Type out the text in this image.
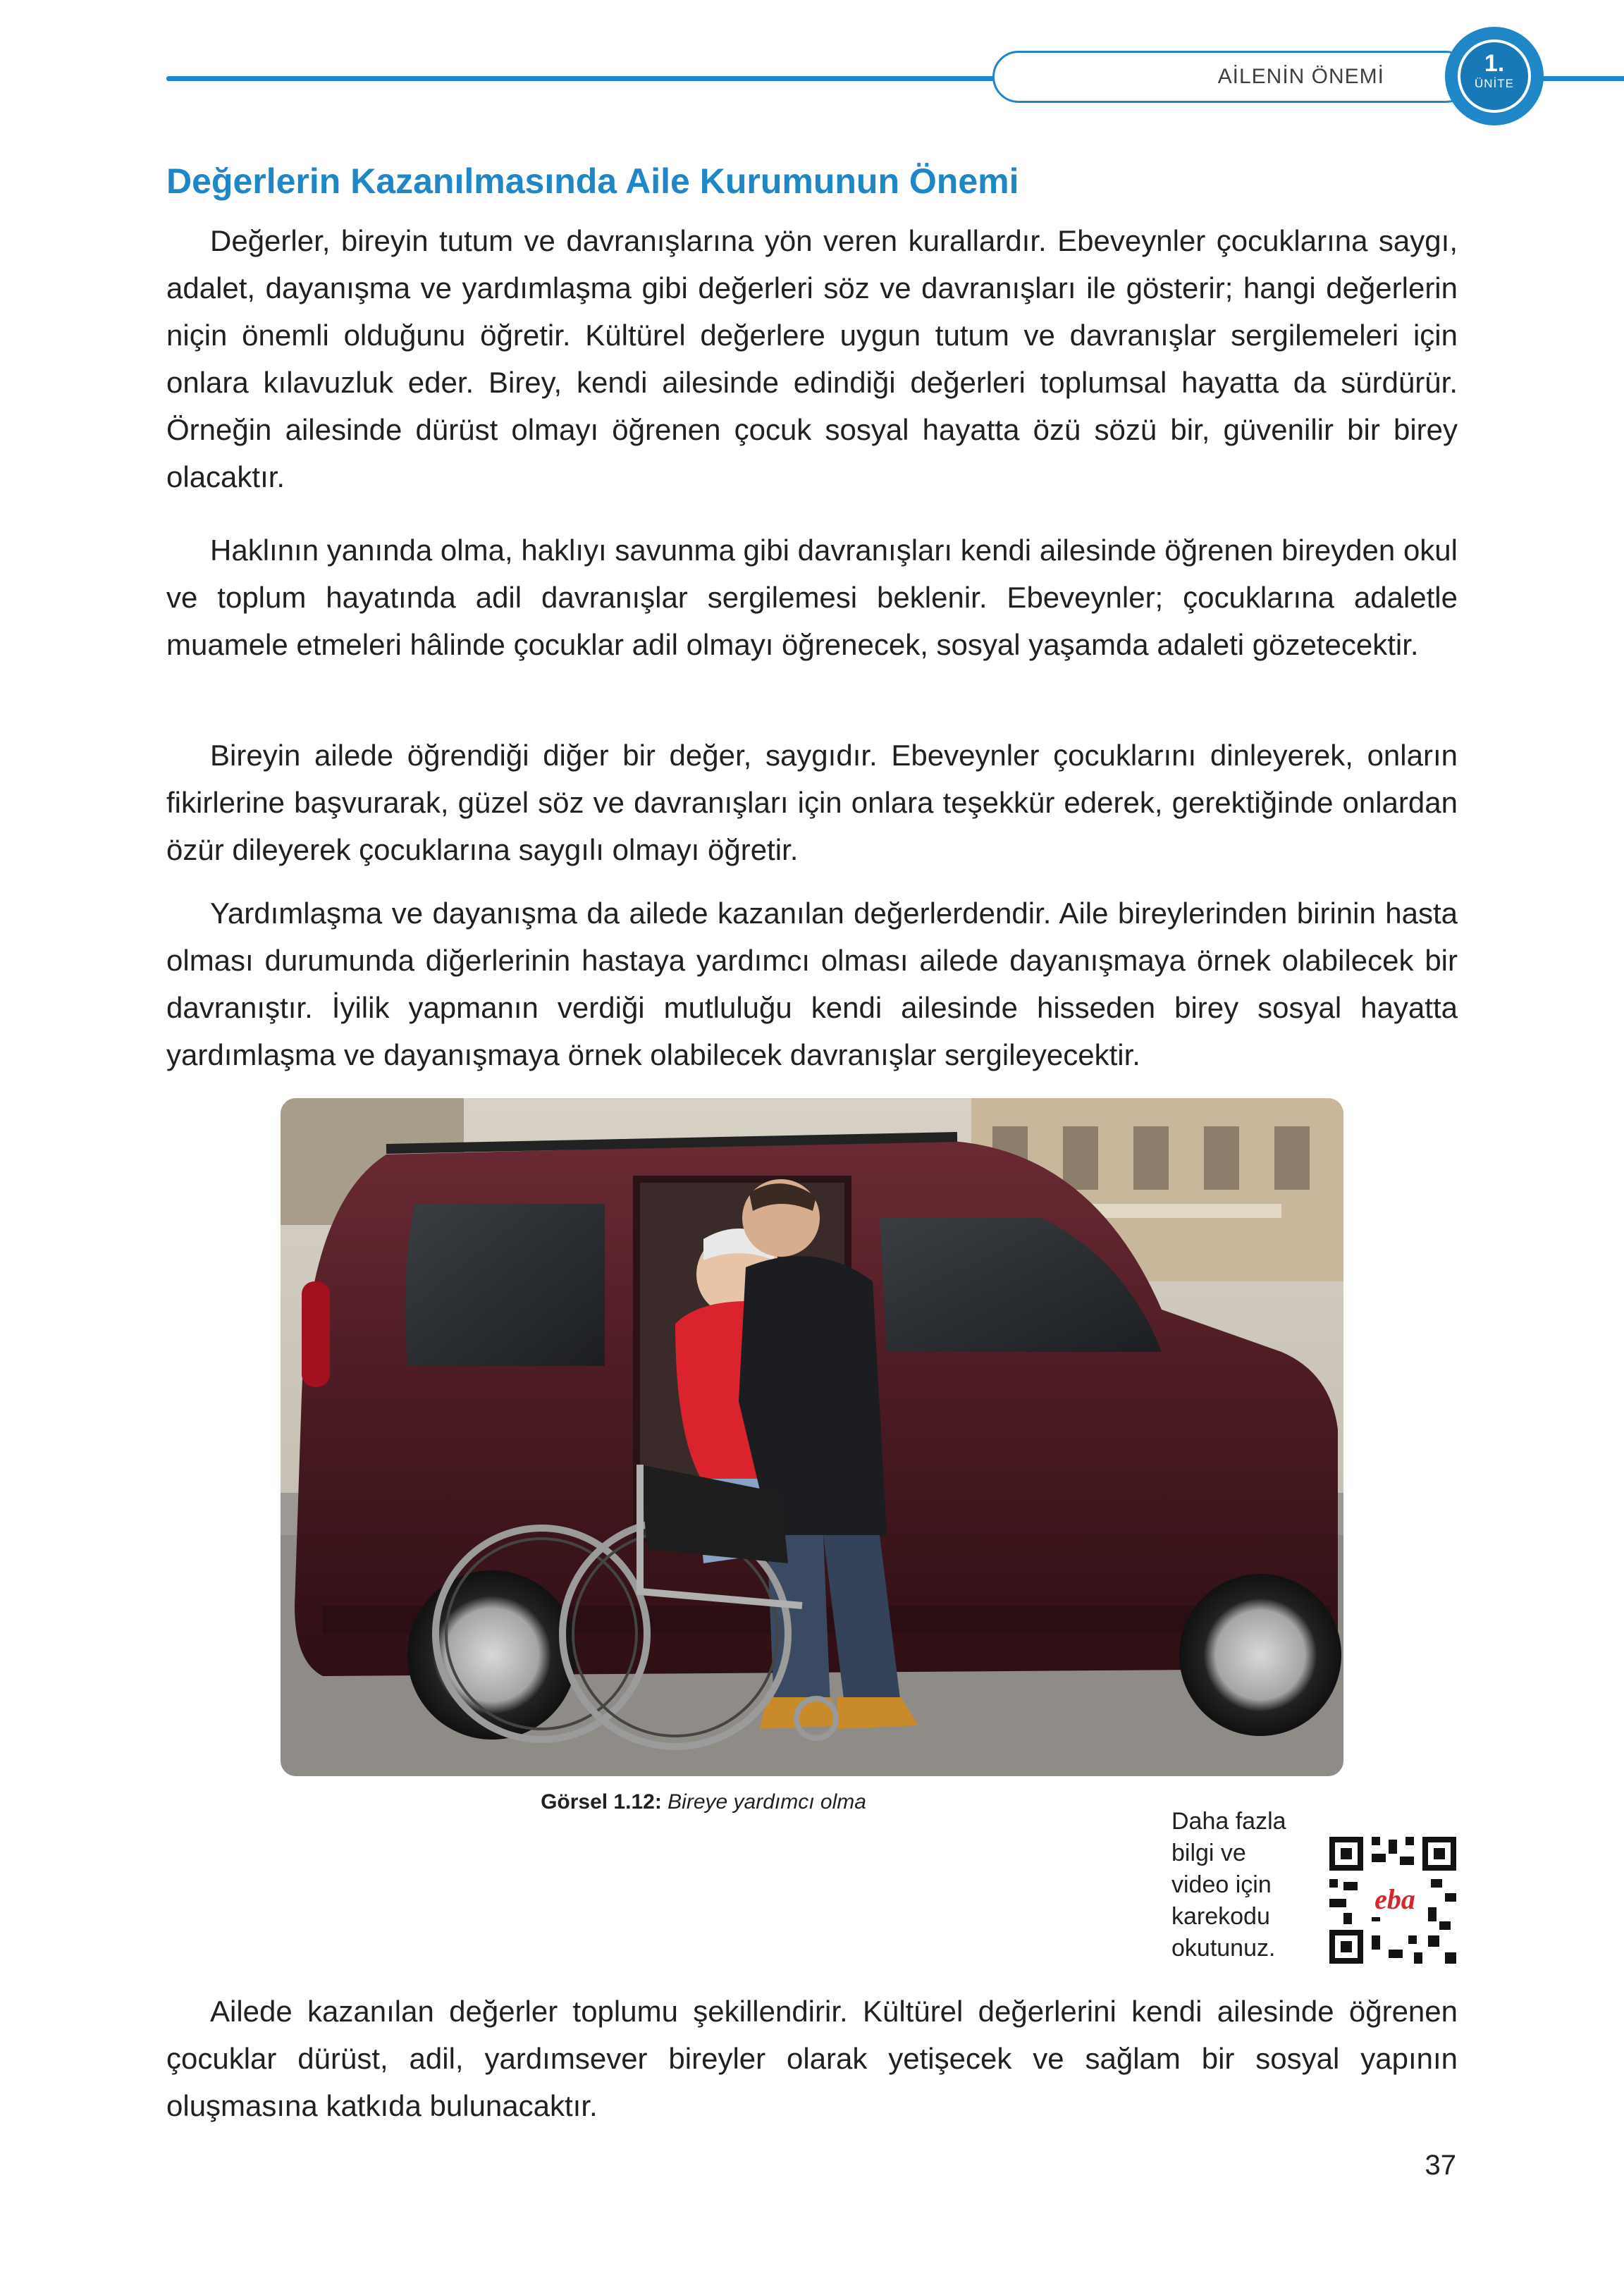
AİLENİN ÖNEMİ	1.
ÜNİTE
Değerlerin Kazanılmasında Aile Kurumunun Önemi

Değerler, bireyin tutum ve davranışlarına yön veren kurallardır. Ebeveynler çocuklarına saygı, adalet, dayanışma ve yardımlaşma gibi değerleri söz ve davranışları ile gösterir; hangi değerlerin niçin önemli olduğunu öğretir. Kültürel değerlere uygun tutum ve davranışlar sergilemeleri için onlara kılavuzluk eder. Birey, kendi ailesinde edindiği değerleri toplumsal hayatta da sürdürür. Örneğin ailesinde dürüst olmayı öğrenen çocuk sosyal hayatta özü sözü bir, güvenilir bir birey olacaktır.

Haklının yanında olma, haklıyı savunma gibi davranışları kendi ailesinde öğrenen bireyden okul ve toplum hayatında adil davranışlar sergilemesi beklenir. Ebeveynler; çocuklarına adaletle muamele etmeleri hâlinde çocuklar adil olmayı öğrenecek, sosyal yaşamda adaleti gözetecektir.

Bireyin ailede öğrendiği diğer bir değer, saygıdır. Ebeveynler çocuklarını dinleyerek, onların fikirlerine başvurarak, güzel söz ve davranışları için onlara teşekkür ederek, gerektiğinde onlardan özür dileyerek çocuklarına saygılı olmayı öğretir.

Yardımlaşma ve dayanışma da ailede kazanılan değerlerdendir. Aile bireylerinden birinin hasta olması durumunda diğerlerinin hastaya yardımcı olması ailede dayanışmaya örnek olabilecek bir davranıştır. İyilik yapmanın verdiği mutluluğu kendi ailesinde hisseden birey sosyal hayatta yardımlaşma ve dayanışmaya örnek olabilecek davranışlar sergileyecektir.

Görsel 1.12: Bireye yardımcı olma
Daha fazla
bilgi ve
video için
karekodu
okutunuz.
eba

Ailede kazanılan değerler toplumu şekillendirir. Kültürel değerlerini kendi ailesinde öğrenen çocuklar dürüst, adil, yardımsever bireyler olarak yetişecek ve sağlam bir sosyal yapının oluşmasına katkıda bulunacaktır.

37
